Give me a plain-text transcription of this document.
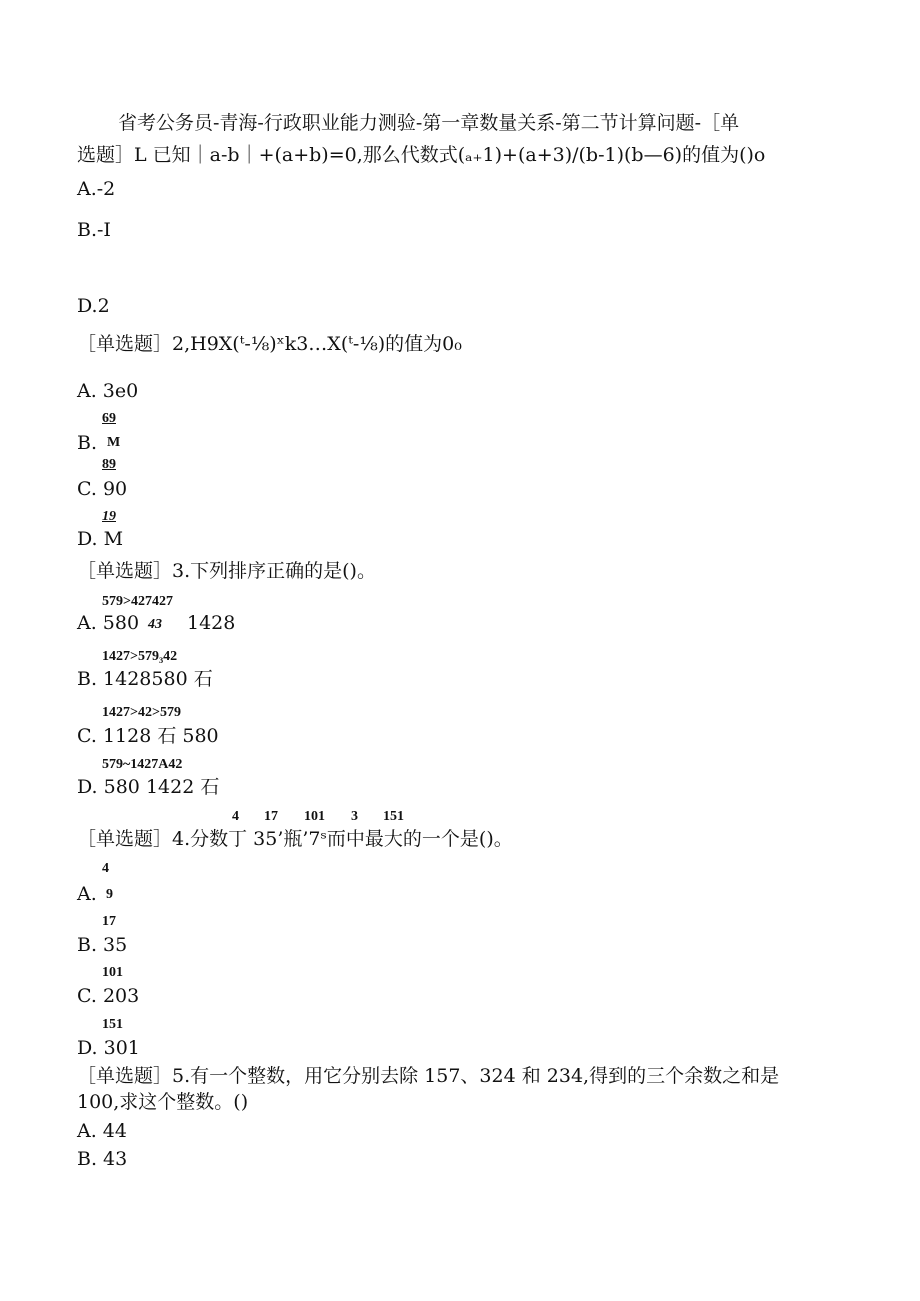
省考公务员-青海-行政职业能力测验-第一章数量关系-第二节计算问题-［单
选题］L 已知｜a-b｜+(a+b)=0,那么代数式(ₐ₊1)+(a+3)/(b-1)(b—6)的值为()o
A.-2
B.-I
D.2
［单选题］2,H9X(ᵗ-⅛)ˣk3…X(ᵗ-⅛)的值为0₀
A. 3e0
69
B. M
89
C. 90
19
D. M
［单选题］3.下列排序正确的是()。
579>427427
A. 580 43 1428
1427>579₃42
B. 1428580 石
1427>42>579
C. 1128 石 580
579~1427A42
D. 580 1422 石
4 17 101 3 151
［单选题］4.分数丁 35’瓶’7ˢ而中最大的一个是()。
4
A. 9
17
B. 35
101
C. 203
151
D. 301
［单选题］5.有一个整数，用它分别去除 157、324 和 234,得到的三个余数之和是
100,求这个整数。()
A. 44
B. 43
